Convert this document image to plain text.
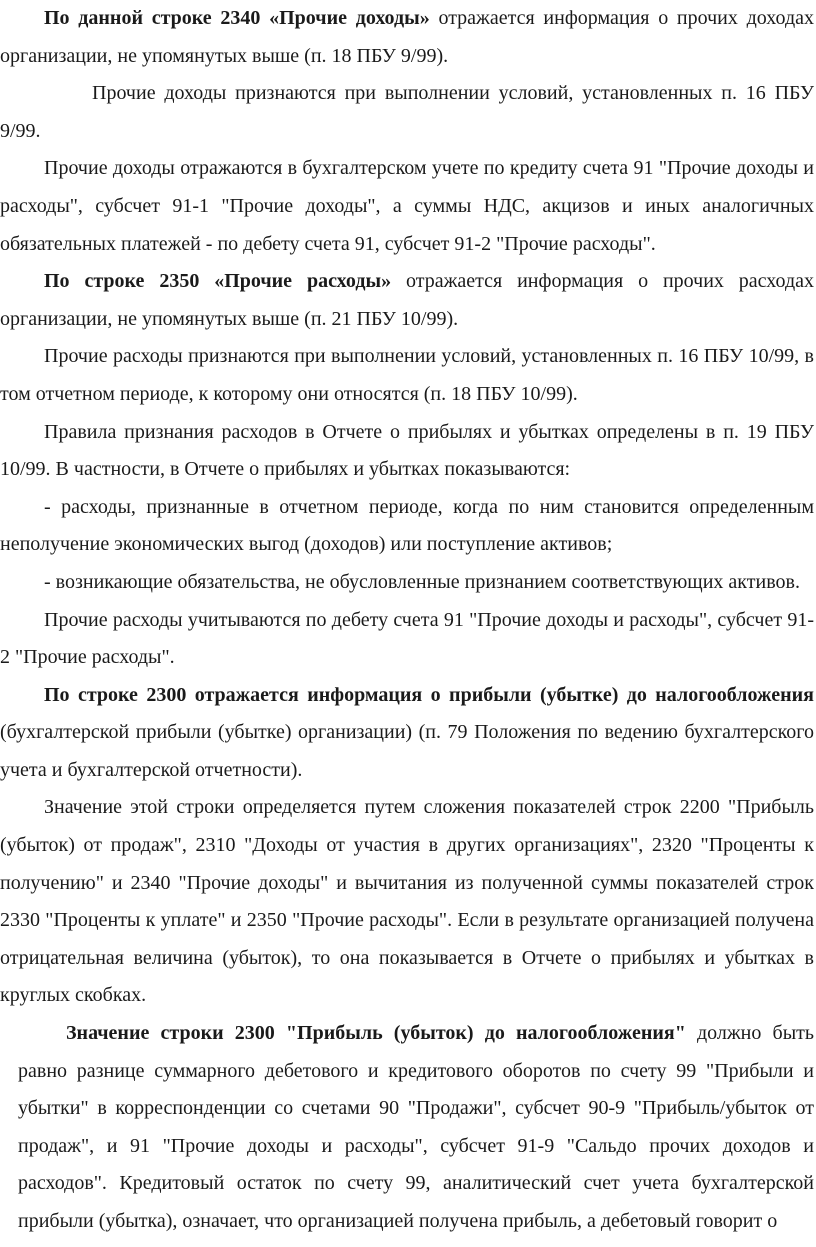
По данной строке 2340 «Прочие доходы» отражается информация о прочих доходах организации, не упомянутых выше (п. 18 ПБУ 9/99).

Прочие доходы признаются при выполнении условий, установленных п. 16 ПБУ 9/99.

Прочие доходы отражаются в бухгалтерском учете по кредиту счета 91 "Прочие доходы и расходы", субсчет 91-1 "Прочие доходы", а суммы НДС, акцизов и иных аналогичных обязательных платежей - по дебету счета 91, субсчет 91-2 "Прочие расходы".

По строке 2350 «Прочие расходы» отражается информация о прочих расходах организации, не упомянутых выше (п. 21 ПБУ 10/99).

Прочие расходы признаются при выполнении условий, установленных п. 16 ПБУ 10/99, в том отчетном периоде, к которому они относятся (п. 18 ПБУ 10/99).

Правила признания расходов в Отчете о прибылях и убытках определены в п. 19 ПБУ 10/99. В частности, в Отчете о прибылях и убытках показываются:

- расходы, признанные в отчетном периоде, когда по ним становится определенным неполучение экономических выгод (доходов) или поступление активов;

- возникающие обязательства, не обусловленные признанием соответствующих активов.

Прочие расходы учитываются по дебету счета 91 "Прочие доходы и расходы", субсчет 91-2 "Прочие расходы".

По строке 2300 отражается информация о прибыли (убытке) до налогообложения (бухгалтерской прибыли (убытке) организации) (п. 79 Положения по ведению бухгалтерского учета и бухгалтерской отчетности).

Значение этой строки определяется путем сложения показателей строк 2200 "Прибыль (убыток) от продаж", 2310 "Доходы от участия в других организациях", 2320 "Проценты к получению" и 2340 "Прочие доходы" и вычитания из полученной суммы показателей строк 2330 "Проценты к уплате" и 2350 "Прочие расходы". Если в результате организацией получена отрицательная величина (убыток), то она показывается в Отчете о прибылях и убытках в круглых скобках.

Значение строки 2300 "Прибыль (убыток) до налогообложения" должно быть равно разнице суммарного дебетового и кредитового оборотов по счету 99 "Прибыли и убытки" в корреспонденции со счетами 90 "Продажи", субсчет 90-9 "Прибыль/убыток от продаж", и 91 "Прочие доходы и расходы", субсчет 91-9 "Сальдо прочих доходов и расходов". Кредитовый остаток по счету 99, аналитический счет учета бухгалтерской прибыли (убытка), означает, что организацией получена прибыль, а дебетовый говорит о
